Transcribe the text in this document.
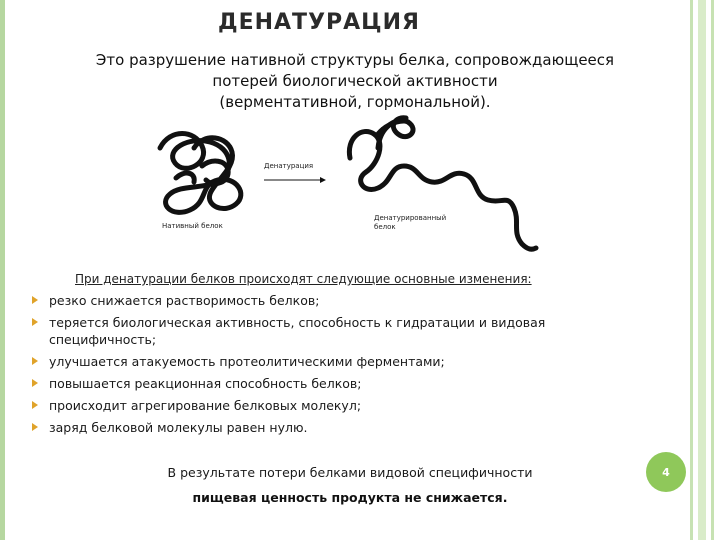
ДЕНАТУРАЦИЯ
Это разрушение нативной структуры белка, сопровождающееся
потерей биологической активности
(верментативной, гормональной).
Нативный белок
Денатурация
Денатурированный
белок
При денатурации белков происходят следующие основные изменения:
резко снижается растворимость белков;
теряется биологическая активность, способность к гидратации и видовая специфичность;
улучшается атакуемость протеолитическими ферментами;
повышается реакционная способность белков;
происходит агрегирование белковых молекул;
заряд белковой молекулы равен нулю.
В результате потери белками видовой специфичности
пищевая ценность продукта не снижается.
4
